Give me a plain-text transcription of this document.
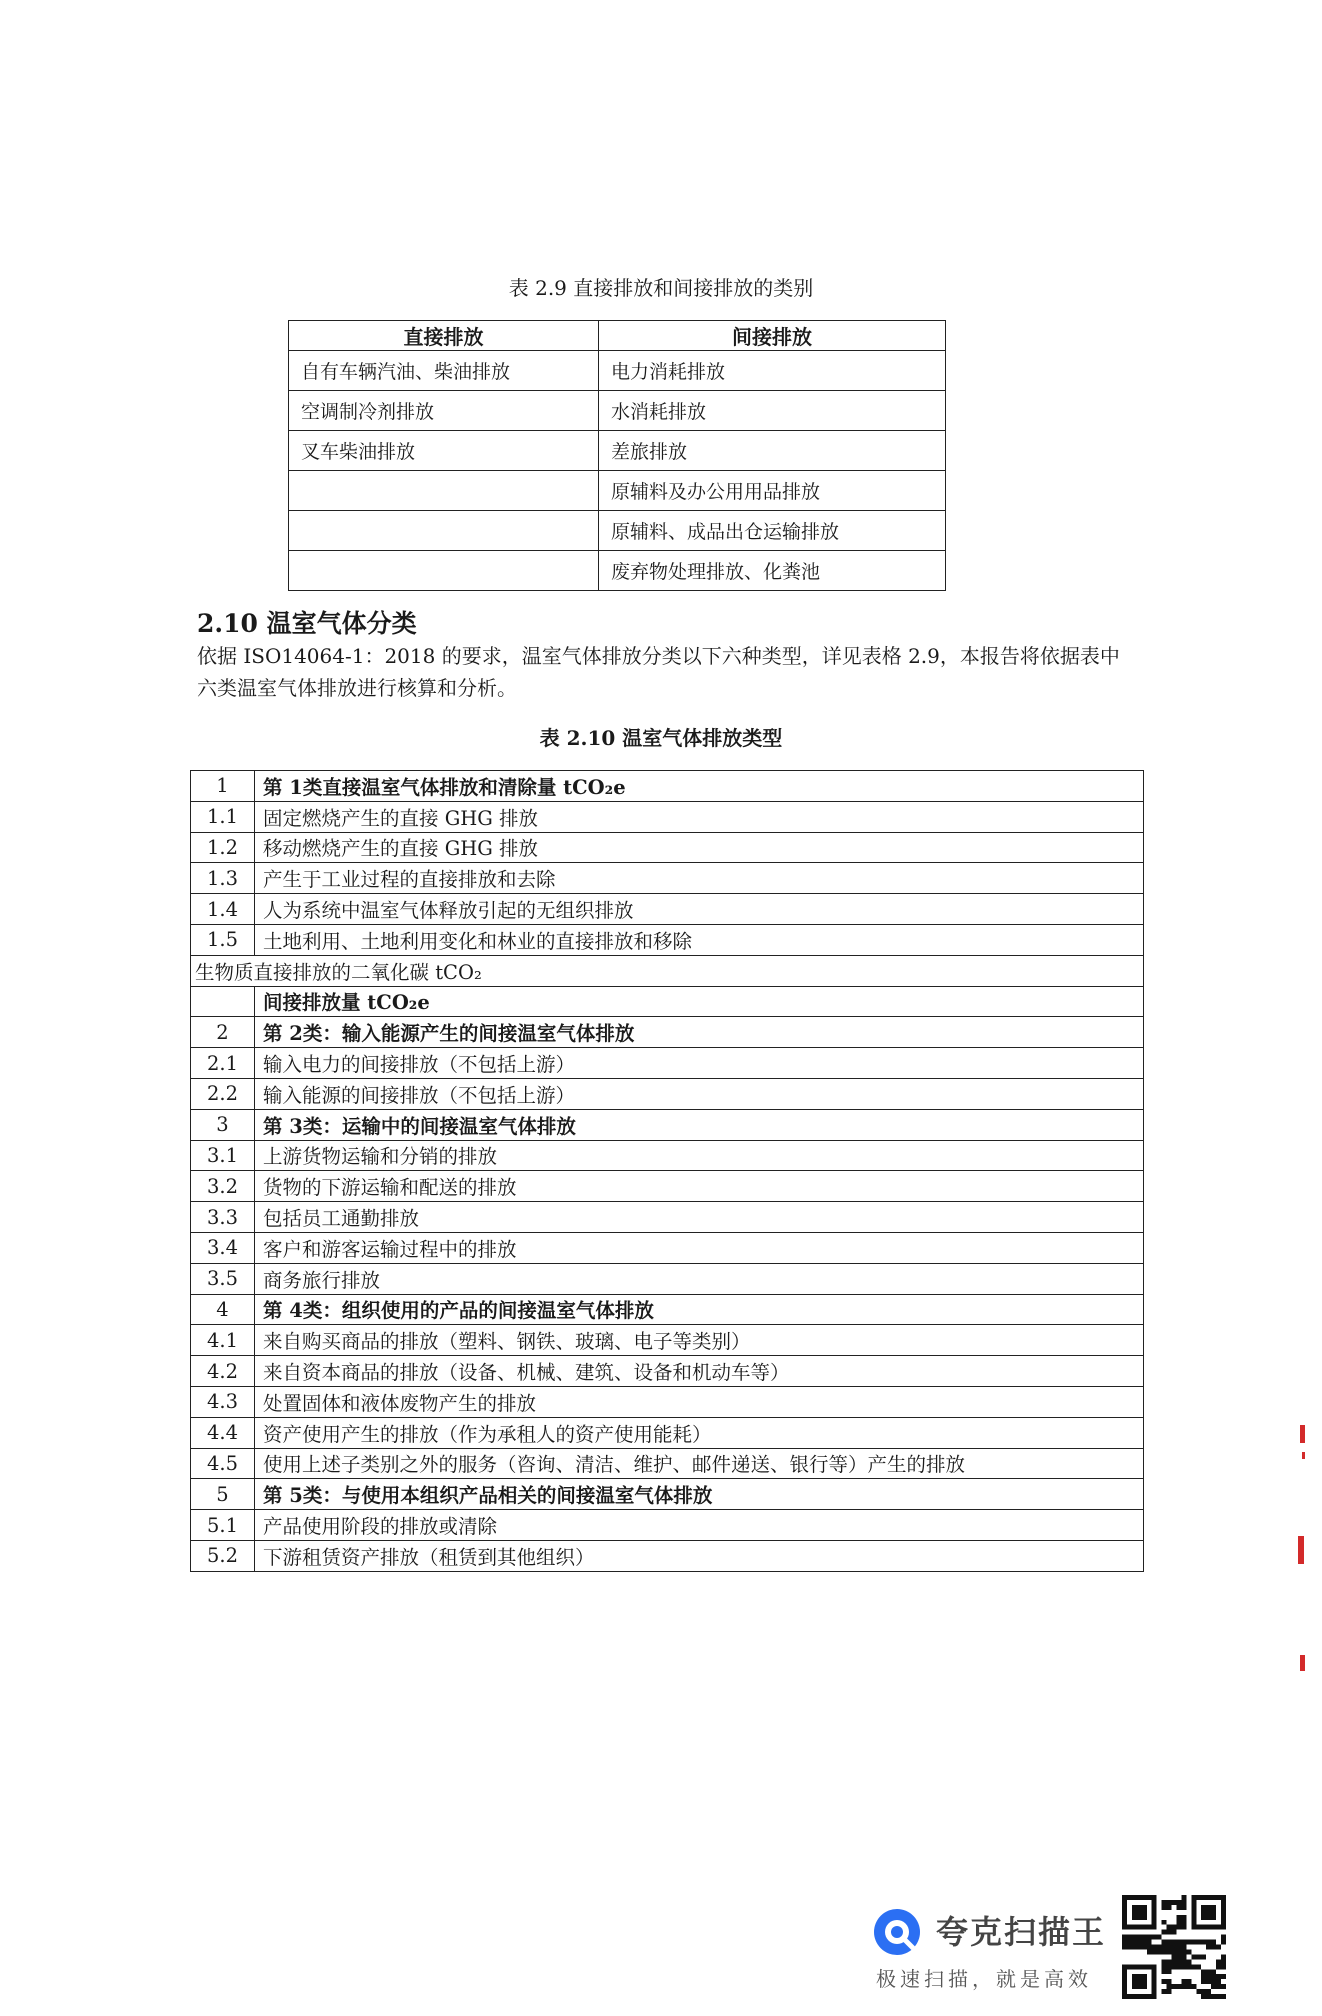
表 2.9 直接排放和间接排放的类别
直接排放	间接排放
自有车辆汽油、柴油排放	电力消耗排放
空调制冷剂排放	水消耗排放
叉车柴油排放	差旅排放
	原辅料及办公用用品排放
	原辅料、成品出仓运输排放
	废弃物处理排放、化粪池
2.10 温室气体分类
依据 ISO14064-1：2018 的要求，温室气体排放分类以下六种类型，详见表格 2.9，本报告将依据表中六类温室气体排放进行核算和分析。
表 2.10 温室气体排放类型
1	第 1类直接温室气体排放和清除量 tCO₂e
1.1	固定燃烧产生的直接 GHG 排放
1.2	移动燃烧产生的直接 GHG 排放
1.3	产生于工业过程的直接排放和去除
1.4	人为系统中温室气体释放引起的无组织排放
1.5	土地利用、土地利用变化和林业的直接排放和移除
生物质直接排放的二氧化碳 tCO₂	
	间接排放量 tCO₂e
2	第 2类：输入能源产生的间接温室气体排放
2.1	输入电力的间接排放（不包括上游）
2.2	输入能源的间接排放（不包括上游）
3	第 3类：运输中的间接温室气体排放
3.1	上游货物运输和分销的排放
3.2	货物的下游运输和配送的排放
3.3	包括员工通勤排放
3.4	客户和游客运输过程中的排放
3.5	商务旅行排放
4	第 4类：组织使用的产品的间接温室气体排放
4.1	来自购买商品的排放（塑料、钢铁、玻璃、电子等类别）
4.2	来自资本商品的排放（设备、机械、建筑、设备和机动车等）
4.3	处置固体和液体废物产生的排放
4.4	资产使用产生的排放（作为承租人的资产使用能耗）
4.5	使用上述子类别之外的服务（咨询、清洁、维护、邮件递送、银行等）产生的排放
5	第 5类：与使用本组织产品相关的间接温室气体排放
5.1	产品使用阶段的排放或清除
5.2	下游租赁资产排放（租赁到其他组织）
夸克扫描王
极速扫描，就是高效
